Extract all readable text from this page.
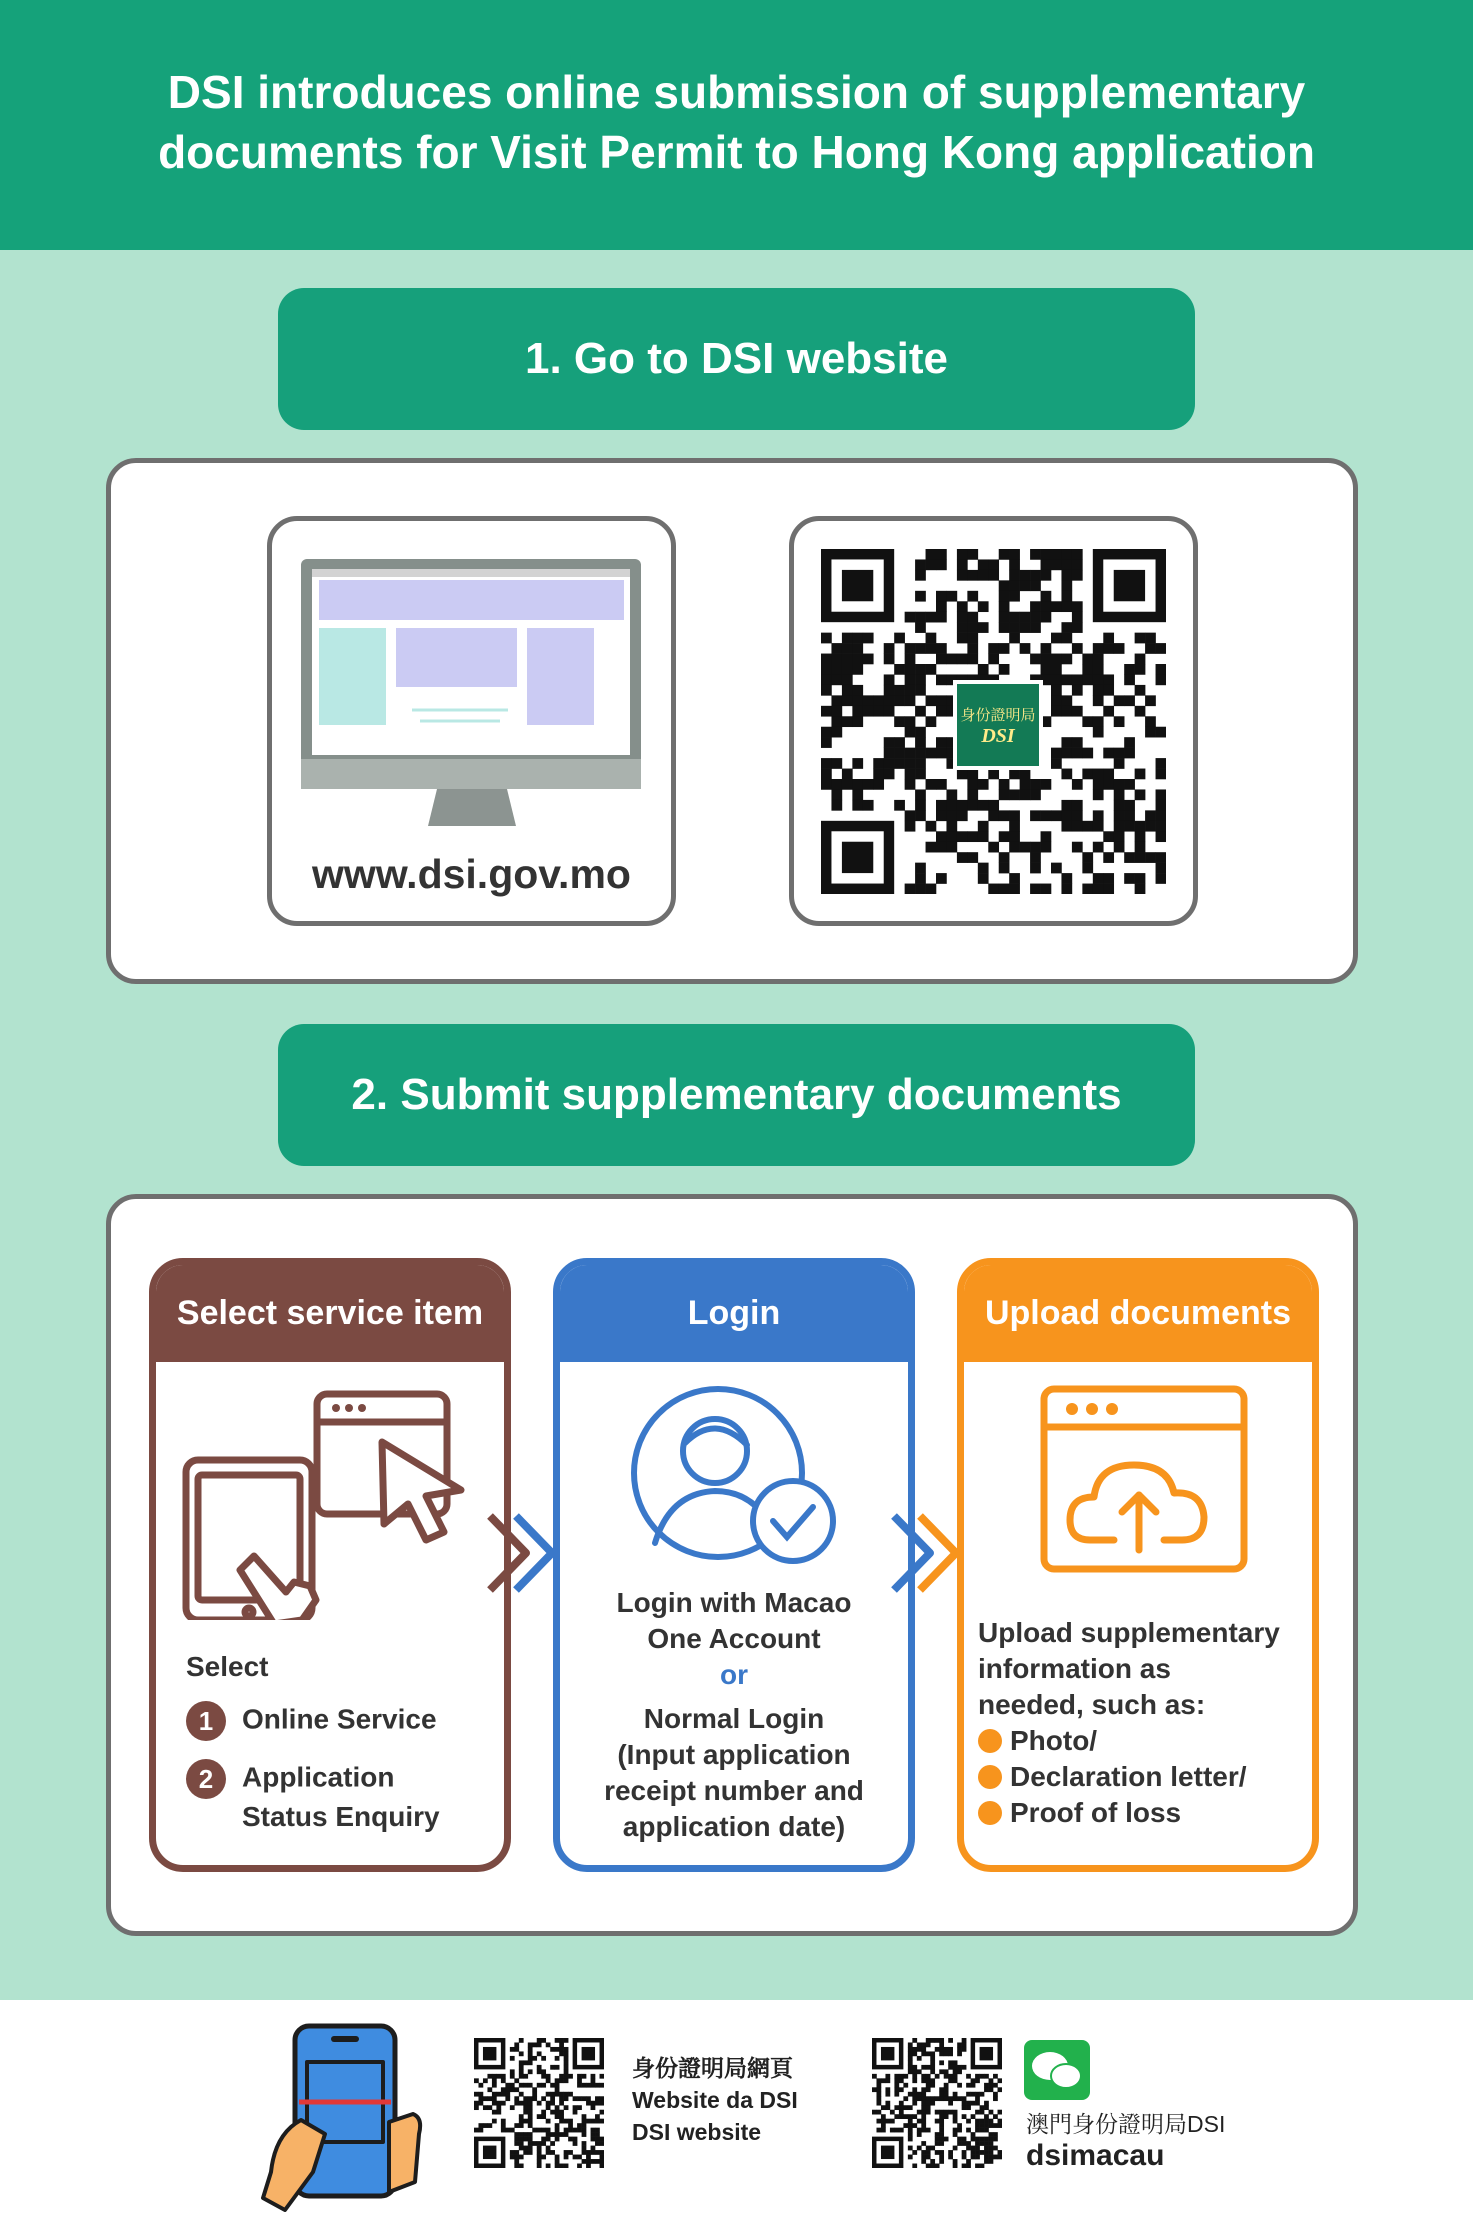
DSI introduces online submission of supplementary
documents for Visit Permit to Hong Kong application
1. Go to DSI website
www.dsi.gov.mo
身份證明局
DSI
2. Submit supplementary documents
Select service item
Select
1 Online Service
2 Application
Status Enquiry
Login
Login with Macao
One Account
or
Normal Login
(Input application
receipt number and
application date)
Upload documents
Upload supplementary
information as
needed, such as:
Photo/
Declaration letter/
Proof of loss
身份證明局網頁
Website da DSI
DSI website	澳門身份證明局DSI
dsimacau
